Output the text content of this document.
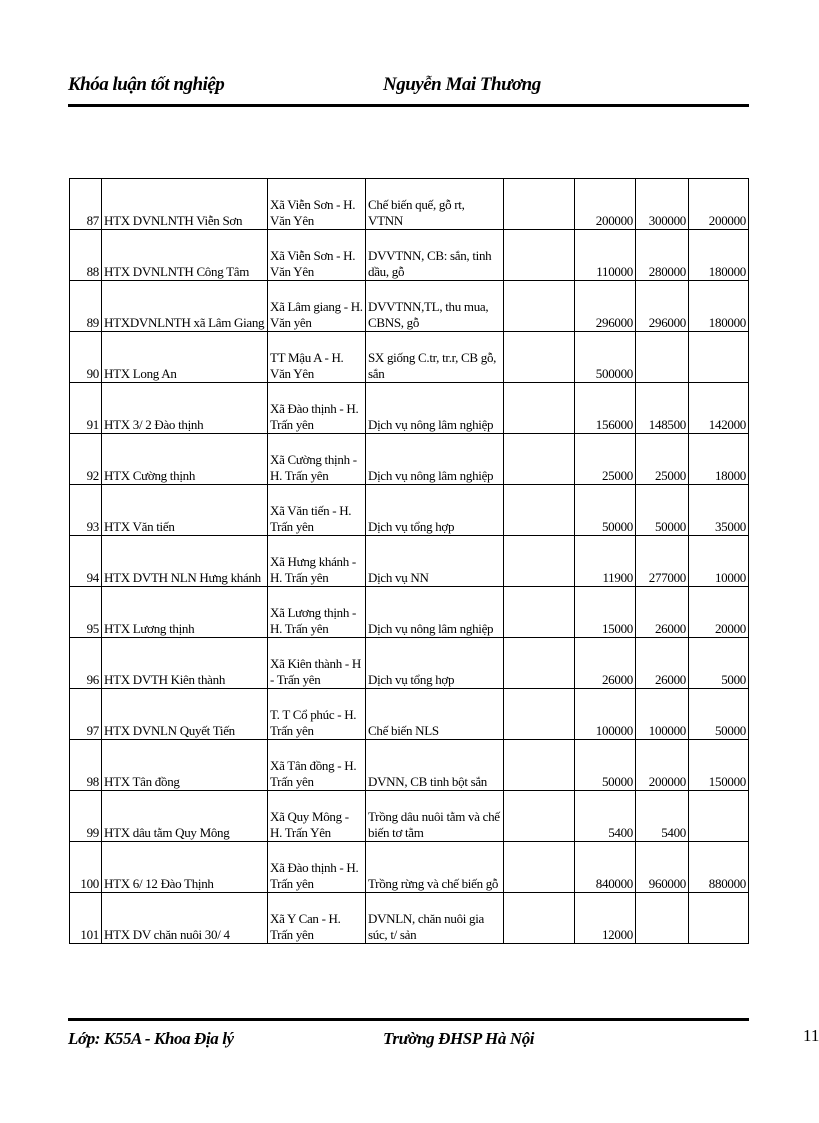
Khóa luận tốt nghiệp	Nguyễn Mai Thương
87	HTX DVNLNTH Viễn Sơn	Xã Viễn Sơn - H. Văn Yên	Chế biến quế, gỗ rt, VTNN		200000	300000	200000
88	HTX DVNLNTH Công Tâm	Xã Viễn Sơn - H. Văn Yên	DVVTNN, CB: sắn, tinh dầu, gỗ		110000	280000	180000
89	HTXDVNLNTH xã Lâm Giang	Xã Lâm giang - H. Văn yên	DVVTNN,TL, thu mua, CBNS, gỗ		296000	296000	180000
90	HTX Long An	TT Mậu A - H. Văn Yên	SX giống C.tr, tr.r, CB gỗ, sắn		500000		
91	HTX 3/ 2 Đào thịnh	Xã Đào thịnh - H. Trấn yên	Dịch vụ nông lâm nghiệp		156000	148500	142000
92	HTX Cường thịnh	Xã Cường thịnh - H. Trấn yên	Dịch vụ nông lâm nghiệp		25000	25000	18000
93	HTX Văn tiến	Xã Văn tiến - H. Trấn yên	Dịch vụ tổng hợp		50000	50000	35000
94	HTX DVTH NLN Hưng khánh	Xã Hưng khánh - H. Trấn yên	Dịch vụ NN		11900	277000	10000
95	HTX Lương thịnh	Xã Lương thịnh - H. Trấn yên	Dịch vụ nông lâm nghiệp		15000	26000	20000
96	HTX DVTH Kiên thành	Xã Kiên thành - H - Trấn yên	Dịch vụ tổng hợp		26000	26000	5000
97	HTX DVNLN Quyết Tiến	T. T Cổ phúc - H. Trấn yên	Chế biến NLS		100000	100000	50000
98	HTX Tân đồng	Xã Tân đồng - H. Trấn yên	DVNN, CB tinh bột sắn		50000	200000	150000
99	HTX dâu tằm Quy Mông	Xã Quy Mông - H. Trấn Yên	Trồng dâu nuôi tằm và chế biến tơ tằm		5400	5400	
100	HTX 6/ 12 Đào Thịnh	Xã Đào thịnh - H. Trấn yên	Trồng rừng và chế biến gỗ		840000	960000	880000
101	HTX DV chăn nuôi 30/ 4	Xã Y Can - H. Trấn yên	DVNLN, chăn nuôi gia súc, t/ sản		12000		
Lớp: K55A - Khoa Địa lý	Trường ĐHSP Hà Nội	11
